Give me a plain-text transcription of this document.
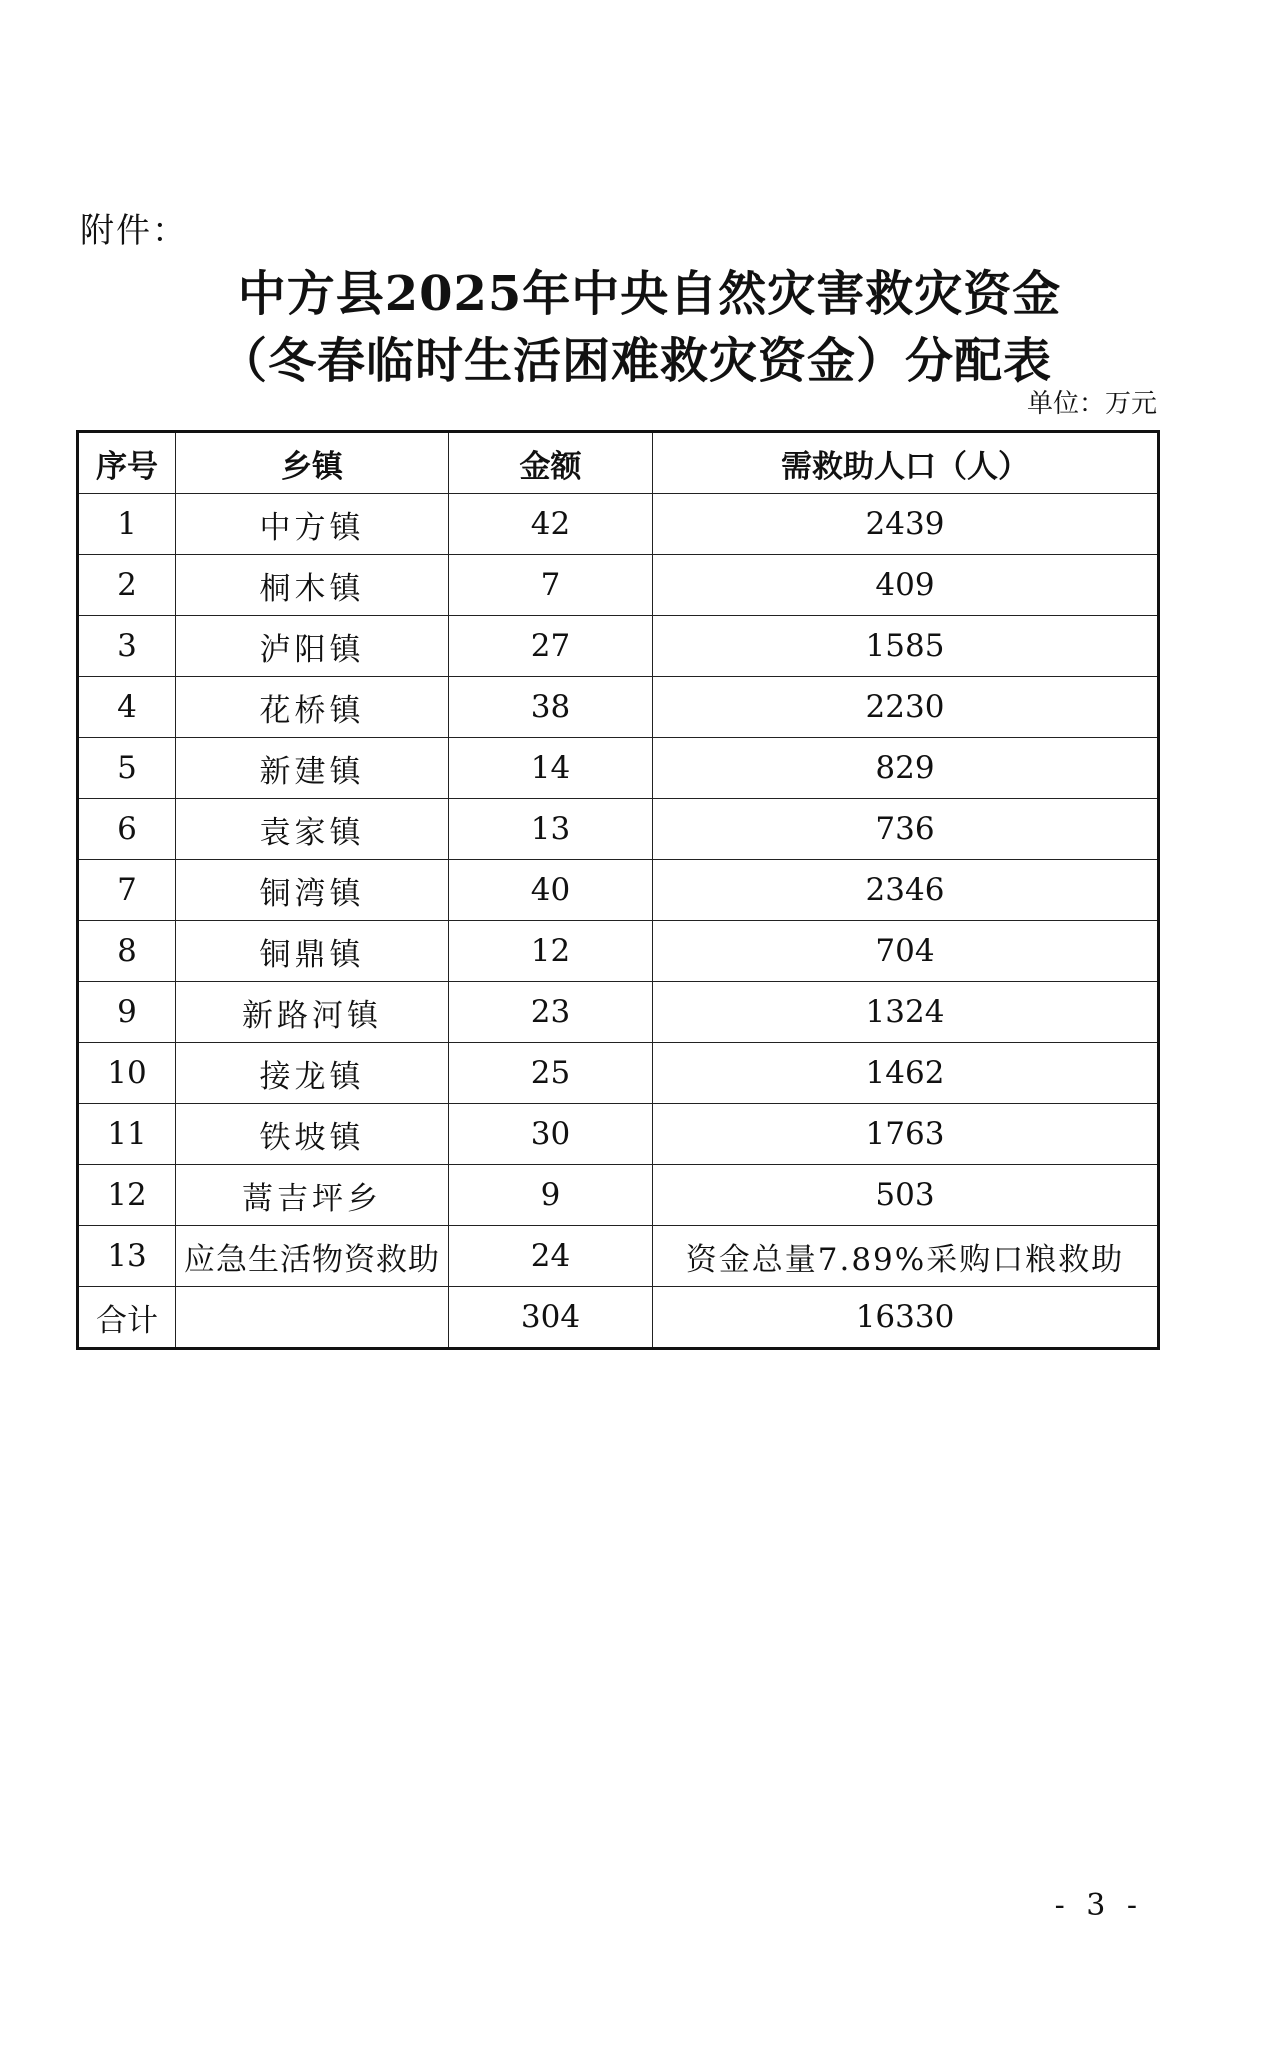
附件：
中方县2025年中央自然灾害救灾资金
（冬春临时生活困难救灾资金）分配表
单位：万元
序号	乡镇	金额	需救助人口（人）
1	中方镇	42	2439
2	桐木镇	7	409
3	泸阳镇	27	1585
4	花桥镇	38	2230
5	新建镇	14	829
6	袁家镇	13	736
7	铜湾镇	40	2346
8	铜鼎镇	12	704
9	新路河镇	23	1324
10	接龙镇	25	1462
11	铁坡镇	30	1763
12	蒿吉坪乡	9	503
13	应急生活物资救助	24	资金总量7.89%采购口粮救助
合计		304	16330
- 3 -
